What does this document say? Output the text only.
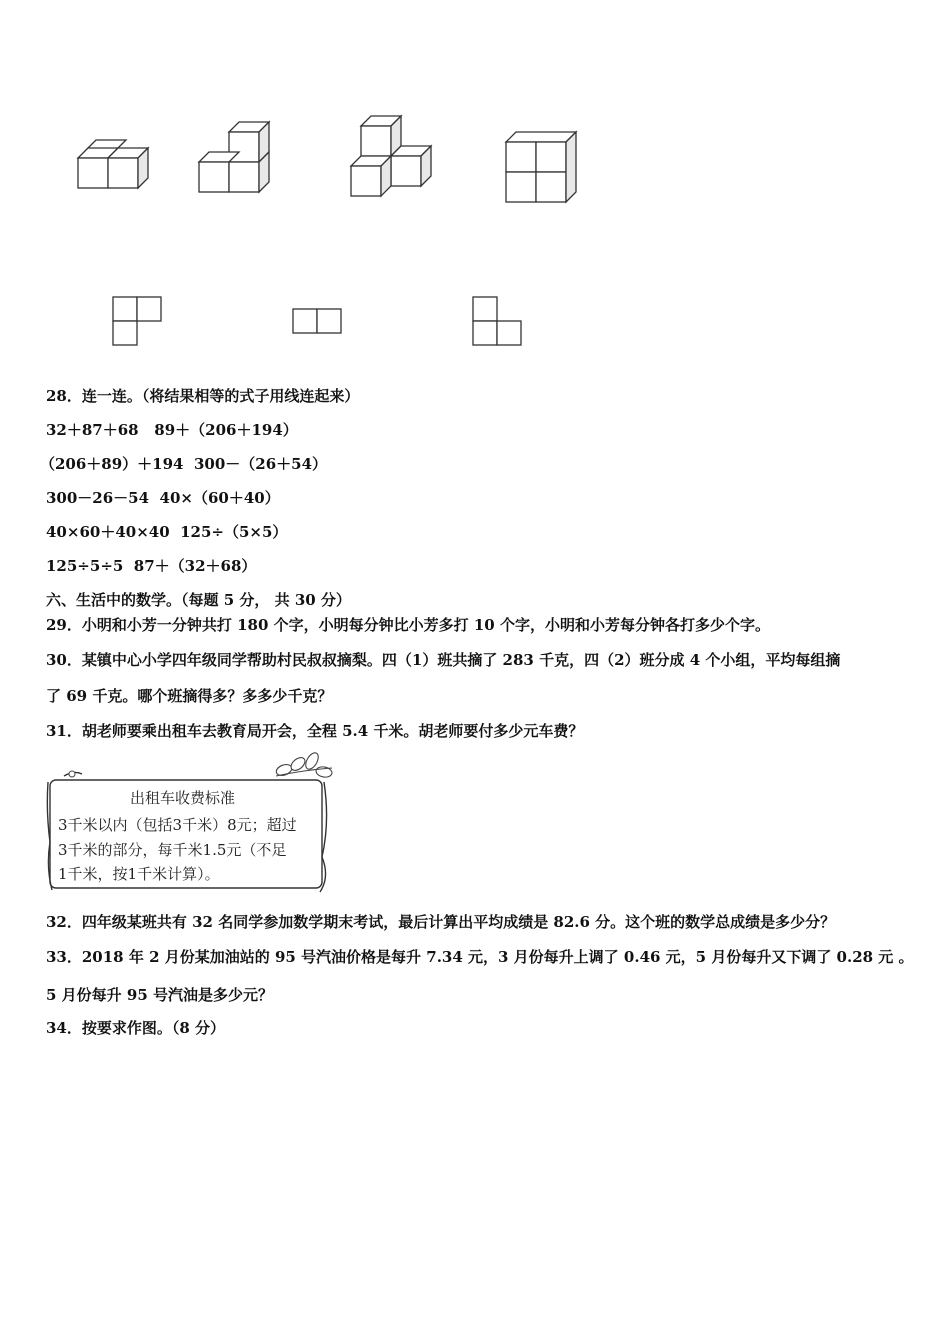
28．连一连。（将结果相等的式子用线连起来）
32＋87＋68 89＋（206＋194）
（206＋89）＋194 300－（26＋54）
300－26－54 40×（60＋40）
40×60＋40×40 125÷（5×5）
125÷5÷5 87＋（32＋68）
六、生活中的数学。（每题 5 分， 共 30 分）
29．小明和小芳一分钟共打 180 个字，小明每分钟比小芳多打 10 个字，小明和小芳每分钟各打多少个字。
30．某镇中心小学四年级同学帮助村民叔叔摘梨。四（1）班共摘了 283 千克，四（2）班分成 4 个小组，平均每组摘
了 69 千克。哪个班摘得多？多多少千克？
31．胡老师要乘出租车去教育局开会，全程 5.4 千米。胡老师要付多少元车费？
出租车收费标准
3千米以内（包括3千米）8元；超过
3千米的部分，每千米1.5元（不足
1千米，按1千米计算）。
32．四年级某班共有 32 名同学参加数学期末考试，最后计算出平均成绩是 82.6 分。这个班的数学总成绩是多少分？
33．2018 年 2 月份某加油站的 95 号汽油价格是每升 7.34 元，3 月份每升上调了 0.46 元，5 月份每升又下调了 0.28 元 。
5 月份每升 95 号汽油是多少元？
34．按要求作图。（8 分）
